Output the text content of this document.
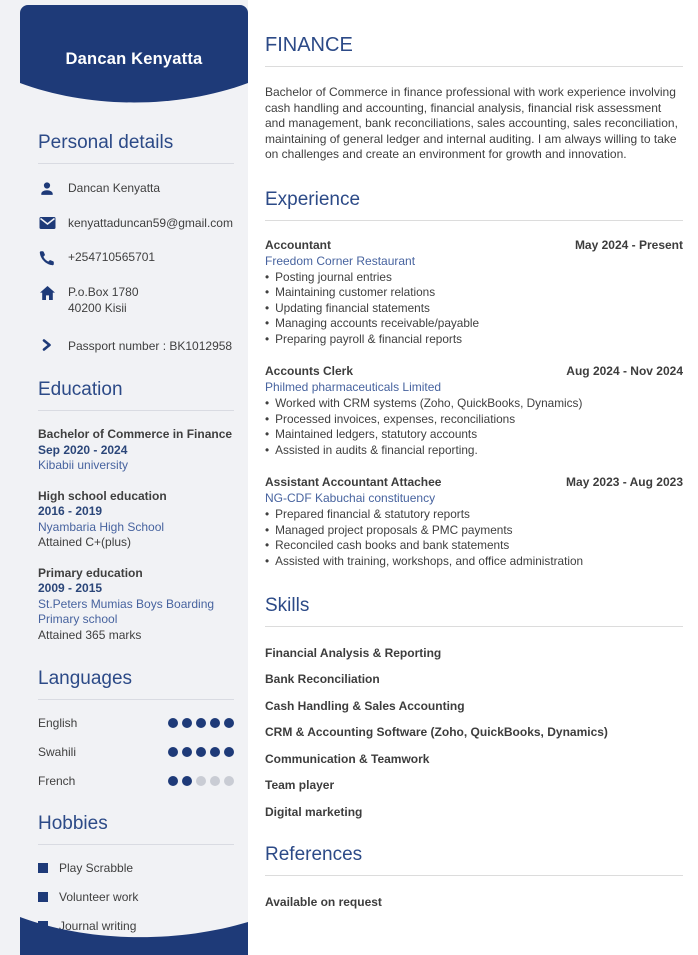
Dancan Kenyatta
Personal details
Dancan Kenyatta
kenyattaduncan59@gmail.com
+254710565701
P.o.Box 1780
40200 Kisii
Passport number : BK1012958
Education
Bachelor of Commerce in Finance
Sep 2020 - 2024
Kibabii university
High school education
2016 - 2019
Nyambaria High School
Attained C+(plus)
Primary education
2009 - 2015
St.Peters Mumias Boys Boarding Primary school
Attained 365 marks
Languages
English
Swahili
French
Hobbies
Play Scrabble
Volunteer work
Journal writing
FINANCE

Bachelor of Commerce in finance professional with work experience involving cash handling and accounting, financial analysis, financial risk assessment and management, bank reconciliations, sales accounting, sales reconciliation, maintaining of general ledger and internal auditing. I am always willing to take on challenges and create an environment for growth and innovation.

Experience
Accountant	May 2024 - Present
Freedom Corner Restaurant
• Posting journal entries
• Maintaining customer relations
• Updating financial statements
• Managing accounts receivable/payable
• Preparing payroll & financial reports
Accounts Clerk	Aug 2024 - Nov 2024
Philmed pharmaceuticals Limited
• Worked with CRM systems (Zoho, QuickBooks, Dynamics)
• Processed invoices, expenses, reconciliations
• Maintained ledgers, statutory accounts
• Assisted in audits & financial reporting.
Assistant Accountant Attachee	May 2023 - Aug 2023
NG-CDF Kabuchai constituency
• Prepared financial & statutory reports
• Managed project proposals & PMC payments
• Reconciled cash books and bank statements
• Assisted with training, workshops, and office administration
Skills
Financial Analysis & Reporting
Bank Reconciliation
Cash Handling & Sales Accounting
CRM & Accounting Software (Zoho, QuickBooks, Dynamics)
Communication & Teamwork
Team player
Digital marketing
References
Available on request
